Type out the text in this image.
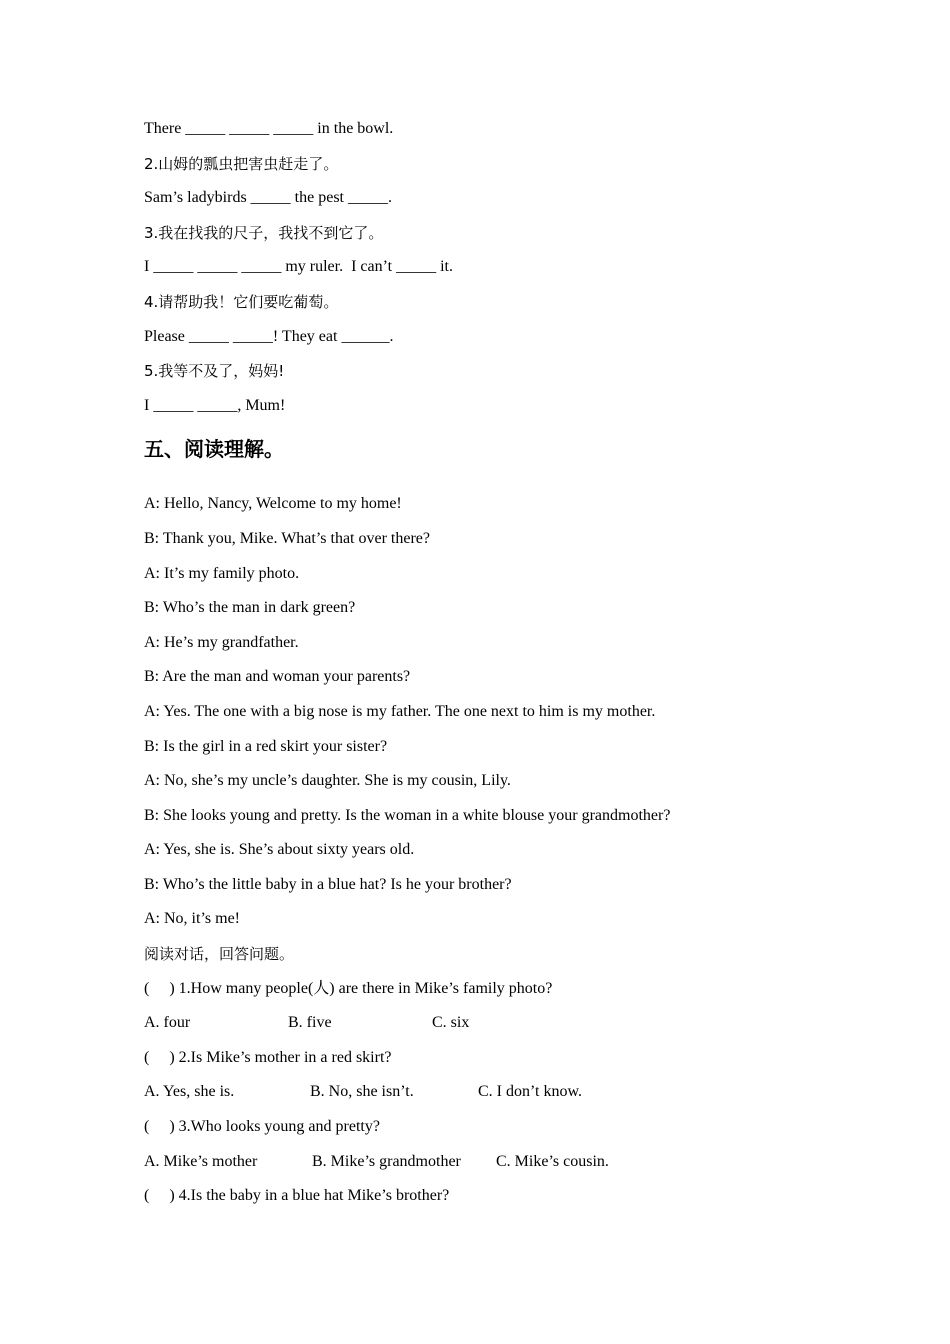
There _____ _____ _____ in the bowl.

2.山姆的瓢虫把害虫赶走了。

Sam’s ladybirds _____ the pest _____.

3.我在找我的尺子，我找不到它了。

I _____ _____ _____ my ruler.  I can’t _____ it.

4.请帮助我！它们要吃葡萄。

Please _____ _____! They eat ______.

5.我等不及了，妈妈!

I _____ _____, Mum!

五、阅读理解。

A: Hello, Nancy, Welcome to my home!

B: Thank you, Mike. What’s that over there?

A: It’s my family photo.

B: Who’s the man in dark green?

A: He’s my grandfather.

B: Are the man and woman your parents?

A: Yes. The one with a big nose is my father. The one next to him is my mother.

B: Is the girl in a red skirt your sister?

A: No, she’s my uncle’s daughter. She is my cousin, Lily.

B: She looks young and pretty. Is the woman in a white blouse your grandmother?

A: Yes, she is. She’s about sixty years old.

B: Who’s the little baby in a blue hat? Is he your brother?

A: No, it’s me!

阅读对话，回答问题。

(     ) 1.How many people(人) are there in Mike’s family photo?

A. four	B. five	C. six

(     ) 2.Is Mike’s mother in a red skirt?

A. Yes, she is.	B. No, she isn’t.	C. I don’t know.

(     ) 3.Who looks young and pretty?

A. Mike’s mother	B. Mike’s grandmother	C. Mike’s cousin.

(     ) 4.Is the baby in a blue hat Mike’s brother?
